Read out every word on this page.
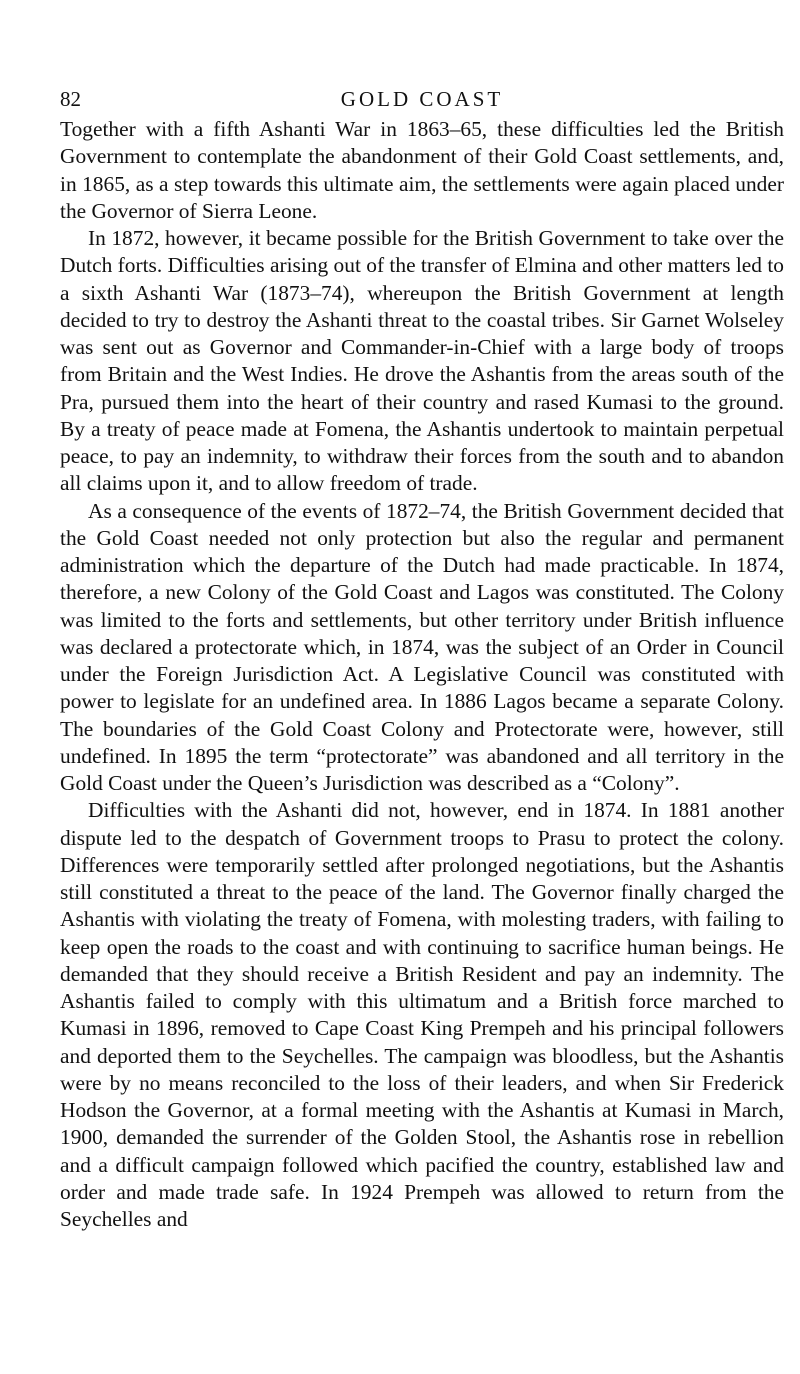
82	GOLD COAST

Together with a fifth Ashanti War in 1863–65, these difficulties led the British Government to contemplate the abandonment of their Gold Coast settlements, and, in 1865, as a step towards this ultimate aim, the settlements were again placed under the Governor of Sierra Leone.

In 1872, however, it became possible for the British Government to take over the Dutch forts. Difficulties arising out of the transfer of Elmina and other matters led to a sixth Ashanti War (1873–74), whereupon the British Government at length decided to try to destroy the Ashanti threat to the coastal tribes. Sir Garnet Wolseley was sent out as Governor and Commander-in-Chief with a large body of troops from Britain and the West Indies. He drove the Ashantis from the areas south of the Pra, pursued them into the heart of their country and rased Kumasi to the ground. By a treaty of peace made at Fomena, the Ashantis undertook to maintain perpetual peace, to pay an indemnity, to withdraw their forces from the south and to abandon all claims upon it, and to allow freedom of trade.

As a consequence of the events of 1872–74, the British Government decided that the Gold Coast needed not only protection but also the regular and permanent administration which the departure of the Dutch had made practicable. In 1874, therefore, a new Colony of the Gold Coast and Lagos was constituted. The Colony was limited to the forts and settlements, but other territory under British influence was declared a protectorate which, in 1874, was the subject of an Order in Council under the Foreign Jurisdiction Act. A Legislative Council was constituted with power to legislate for an undefined area. In 1886 Lagos became a separate Colony. The boundaries of the Gold Coast Colony and Protectorate were, however, still undefined. In 1895 the term “protectorate” was abandoned and all territory in the Gold Coast under the Queen’s Jurisdiction was described as a “Colony”.

Difficulties with the Ashanti did not, however, end in 1874. In 1881 another dispute led to the despatch of Government troops to Prasu to protect the colony. Differences were temporarily settled after prolonged negotiations, but the Ashantis still constituted a threat to the peace of the land. The Governor finally charged the Ashantis with violating the treaty of Fomena, with molesting traders, with failing to keep open the roads to the coast and with continuing to sacrifice human beings. He demanded that they should receive a British Resident and pay an indemnity. The Ashantis failed to comply with this ultimatum and a British force marched to Kumasi in 1896, removed to Cape Coast King Prempeh and his principal followers and deported them to the Seychelles. The campaign was bloodless, but the Ashantis were by no means reconciled to the loss of their leaders, and when Sir Frederick Hodson the Governor, at a formal meeting with the Ashantis at Kumasi in March, 1900, demanded the surrender of the Golden Stool, the Ashantis rose in rebellion and a difficult campaign followed which pacified the country, established law and order and made trade safe. In 1924 Prempeh was allowed to return from the Seychelles and
